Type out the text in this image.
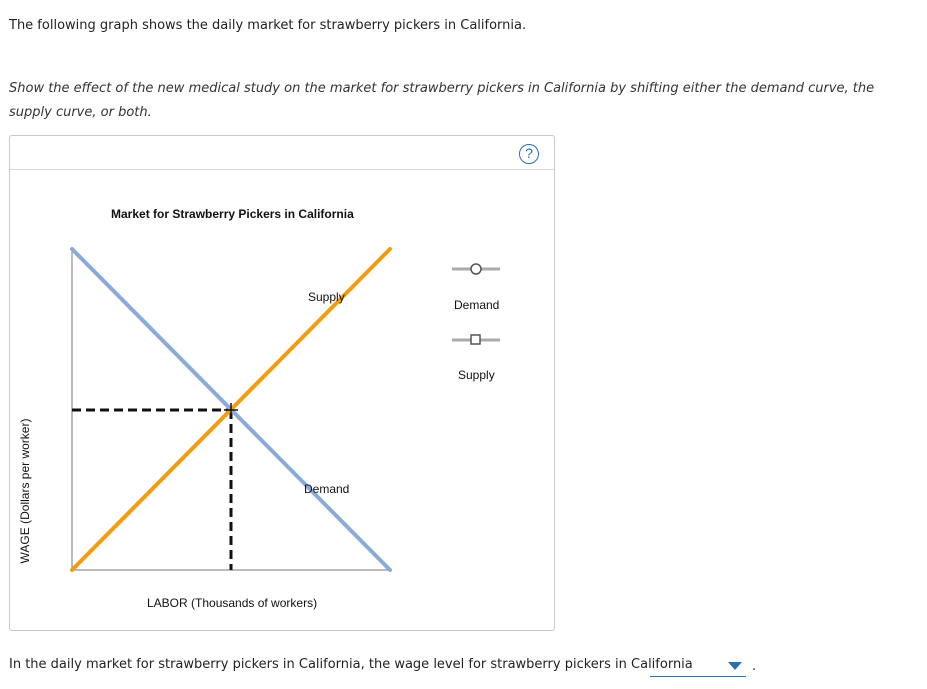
The following graph shows the daily market for strawberry pickers in California.

Show the effect of the new medical study on the market for strawberry pickers in California by shifting either the demand curve, the supply curve, or both.

?
Market for Strawberry Pickers in California
Supply
Demand
LABOR (Thousands of workers)
WAGE (Dollars per worker)
Demand
Supply

In the daily market for strawberry pickers in California, the wage level for strawberry pickers in California	.
